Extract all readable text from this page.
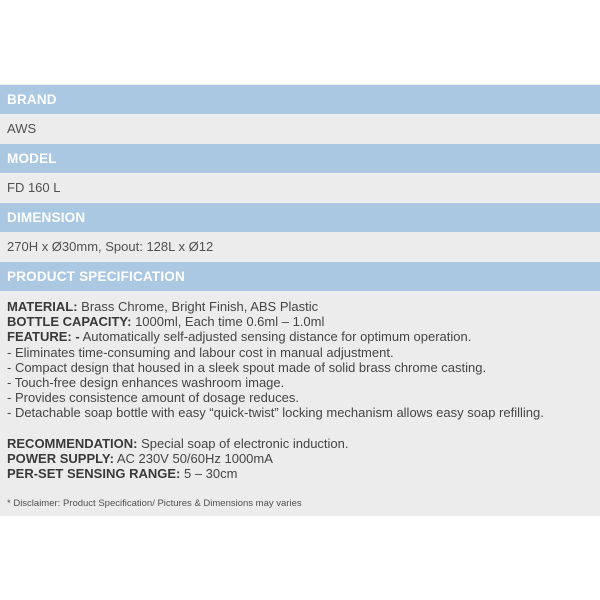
BRAND
AWS
MODEL
FD 160 L
DIMENSION
270H x Ø30mm, Spout: 128L x Ø12
PRODUCT SPECIFICATION
MATERIAL: Brass Chrome, Bright Finish, ABS Plastic
BOTTLE CAPACITY: 1000ml, Each time 0.6ml – 1.0ml
FEATURE: - Automatically self-adjusted sensing distance for optimum operation.
- Eliminates time-consuming and labour cost in manual adjustment.
- Compact design that housed in a sleek spout made of solid brass chrome casting.
- Touch-free design enhances washroom image.
- Provides consistence amount of dosage reduces.
- Detachable soap bottle with easy “quick-twist” locking mechanism allows easy soap refilling.
RECOMMENDATION: Special soap of electronic induction.
POWER SUPPLY: AC 230V 50/60Hz 1000mA
PER-SET SENSING RANGE: 5 – 30cm
* Disclaimer: Product Specification/ Pictures & Dimensions may varies
